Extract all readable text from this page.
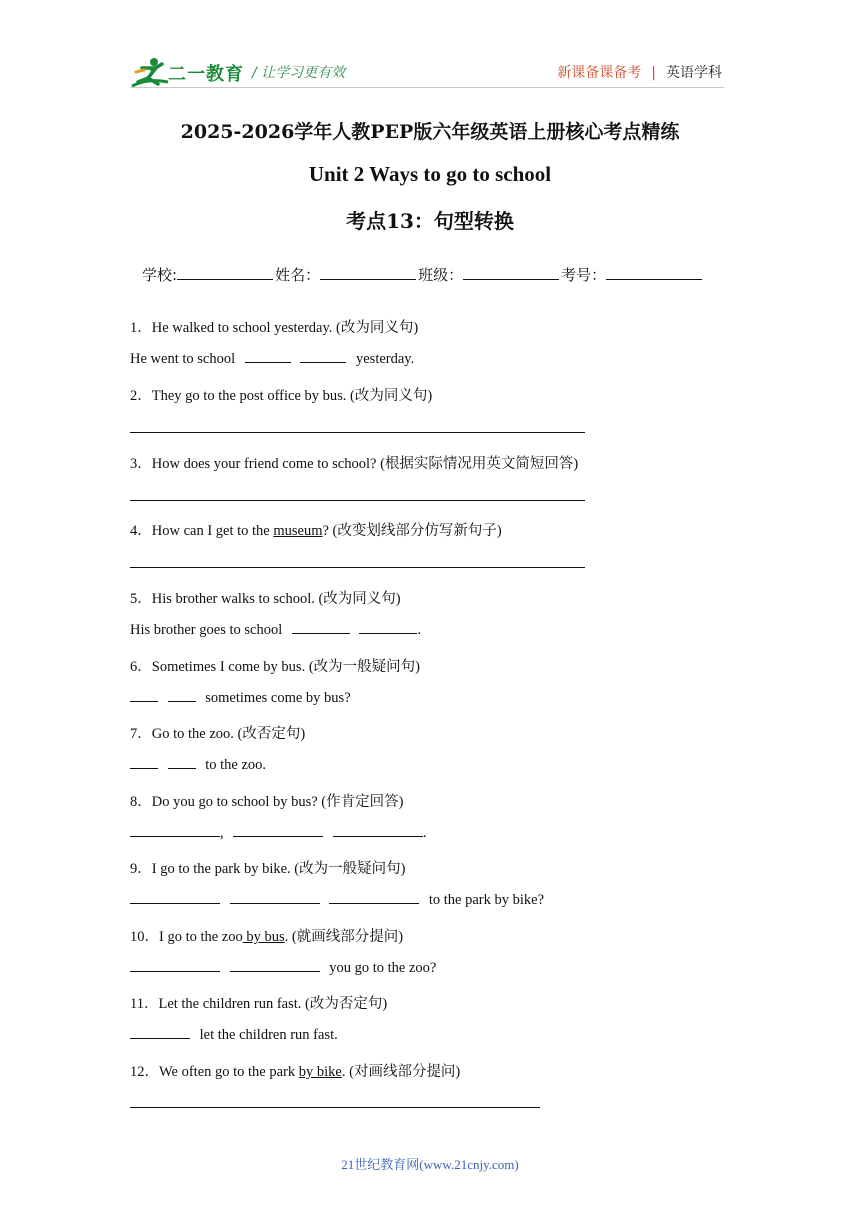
二一教育 / 让学习更有效	新课备课备考 | 英语学科
2025-2026学年人教PEP版六年级英语上册核心考点精练
Unit 2 Ways to go to school
考点13：句型转换
学校:	姓名：	班级：	考号：
1．He walked to school yesterday. (改为同义句)
He went to school	yesterday.
2．They go to the post office by bus. (改为同义句)
3．How does your friend come to school? (根据实际情况用英文简短回答)
4．How can I get to the museum? (改变划线部分仿写新句子)
5．His brother walks to school. (改为同义句)
His brother goes to school	.
6．Sometimes I come by bus. (改为一般疑问句)
sometimes come by bus?
7．Go to the zoo. (改否定句)
to the zoo.
8．Do you go to school by bus? (作肯定回答)
,	.
9．I go to the park by bike. (改为一般疑问句)
to the park by bike?
10．I go to the zoo by bus. (就画线部分提问)
you go to the zoo?
11．Let the children run fast. (改为否定句)
let the children run fast.
12．We often go to the park by bike. (对画线部分提问)
21世纪教育网(www.21cnjy.com)
